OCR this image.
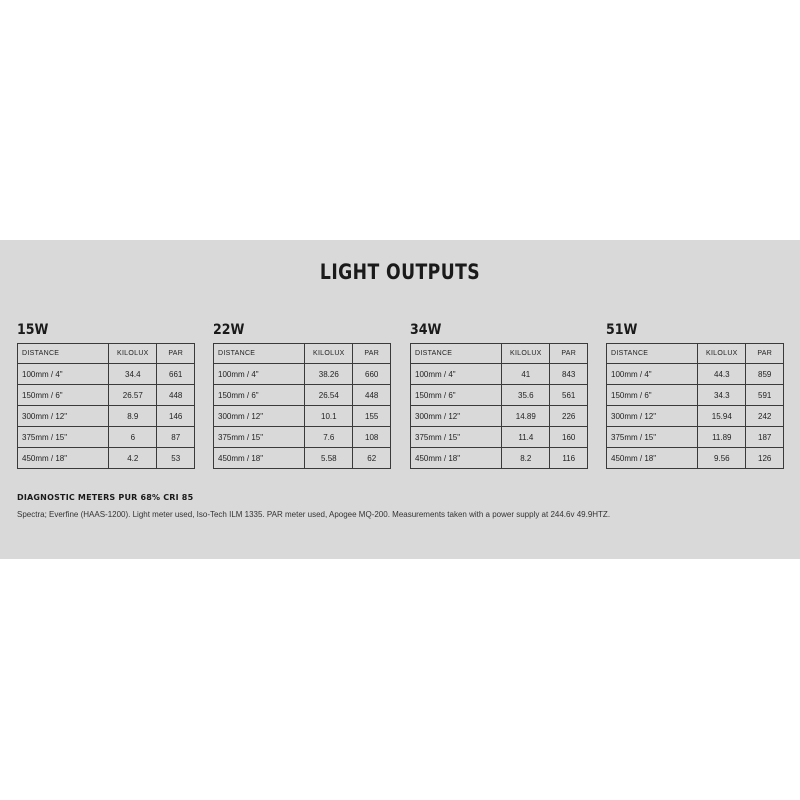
LIGHT OUTPUTS
15W
DISTANCE	KILOLUX	PAR
100mm / 4"	34.4	661
150mm / 6"	26.57	448
300mm / 12"	8.9	146
375mm / 15"	6	87
450mm / 18"	4.2	53
22W
DISTANCE	KILOLUX	PAR
100mm / 4"	38.26	660
150mm / 6"	26.54	448
300mm / 12"	10.1	155
375mm / 15"	7.6	108
450mm / 18"	5.58	62
34W
DISTANCE	KILOLUX	PAR
100mm / 4"	41	843
150mm / 6"	35.6	561
300mm / 12"	14.89	226
375mm / 15"	11.4	160
450mm / 18"	8.2	116
51W
DISTANCE	KILOLUX	PAR
100mm / 4"	44.3	859
150mm / 6"	34.3	591
300mm / 12"	15.94	242
375mm / 15"	11.89	187
450mm / 18"	9.56	126
DIAGNOSTIC METERS PUR 68% CRI 85
Spectra; Everfine (HAAS-1200). Light meter used, Iso-Tech ILM 1335. PAR meter used, Apogee MQ-200. Measurements taken with a power supply at 244.6v 49.9HTZ.
